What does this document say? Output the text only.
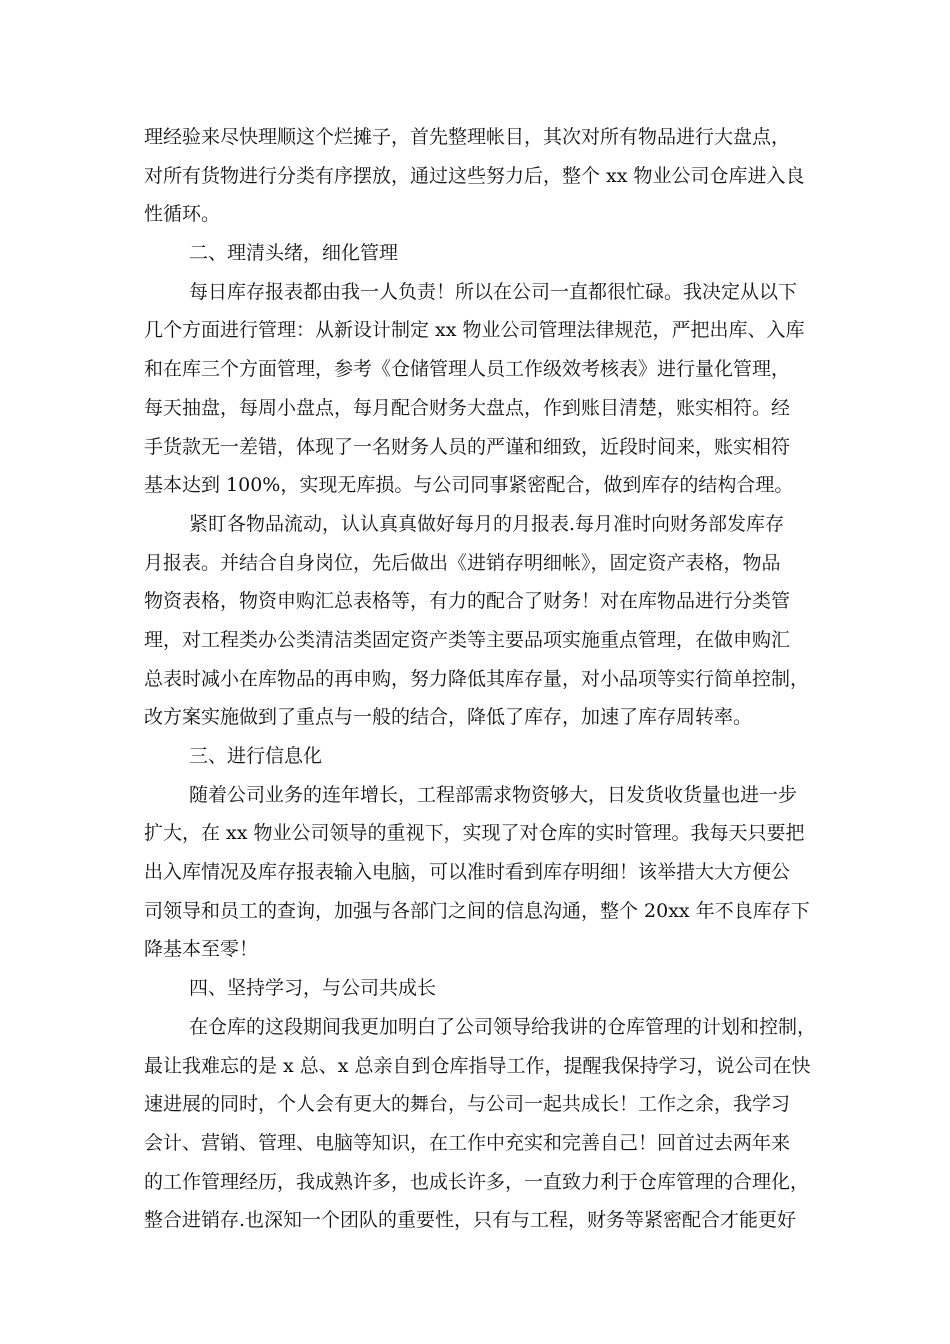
理经验来尽快理顺这个烂摊子，首先整理帐目，其次对所有物品进行大盘点，
对所有货物进行分类有序摆放，通过这些努力后，整个 xx 物业公司仓库进入良
性循环。
二、理清头绪，细化管理
每日库存报表都由我一人负责！所以在公司一直都很忙碌。我决定从以下
几个方面进行管理：从新设计制定 xx 物业公司管理法律规范，严把出库、入库
和在库三个方面管理，参考《仓储管理人员工作级效考核表》进行量化管理，
每天抽盘，每周小盘点，每月配合财务大盘点，作到账目清楚，账实相符。经
手货款无一差错，体现了一名财务人员的严谨和细致，近段时间来，账实相符
基本达到 100%，实现无库损。与公司同事紧密配合，做到库存的结构合理。
紧盯各物品流动，认认真真做好每月的月报表.每月准时向财务部发库存
月报表。并结合自身岗位，先后做出《进销存明细帐》，固定资产表格，物品
物资表格，物资申购汇总表格等，有力的配合了财务！对在库物品进行分类管
理，对工程类办公类清洁类固定资产类等主要品项实施重点管理，在做申购汇
总表时减小在库物品的再申购，努力降低其库存量，对小品项等实行简单控制，
改方案实施做到了重点与一般的结合，降低了库存，加速了库存周转率。
三、进行信息化
随着公司业务的连年增长，工程部需求物资够大，日发货收货量也进一步
扩大，在 xx 物业公司领导的重视下，实现了对仓库的实时管理。我每天只要把
出入库情况及库存报表输入电脑，可以准时看到库存明细！该举措大大方便公
司领导和员工的查询，加强与各部门之间的信息沟通，整个 20xx 年不良库存下
降基本至零！
四、坚持学习，与公司共成长
在仓库的这段期间我更加明白了公司领导给我讲的仓库管理的计划和控制，
最让我难忘的是 x 总、x 总亲自到仓库指导工作，提醒我保持学习，说公司在快
速进展的同时，个人会有更大的舞台，与公司一起共成长！工作之余，我学习
会计、营销、管理、电脑等知识，在工作中充实和完善自己！回首过去两年来
的工作管理经历，我成熟许多，也成长许多，一直致力利于仓库管理的合理化，
整合进销存.也深知一个团队的重要性，只有与工程，财务等紧密配合才能更好
